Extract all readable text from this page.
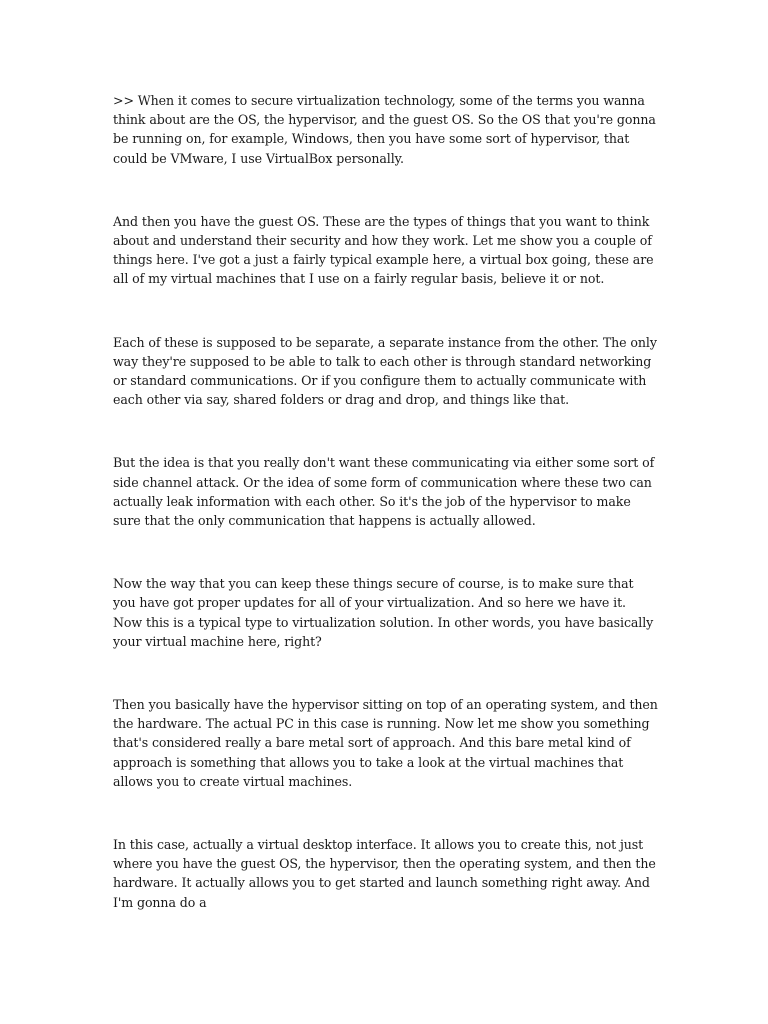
>> When it comes to secure virtualization technology, some of the terms you wanna think about are the OS, the hypervisor, and the guest OS. So the OS that you're gonna be running on, for example, Windows, then you have some sort of hypervisor, that could be VMware, I use VirtualBox personally.

And then you have the guest OS. These are the types of things that you want to think about and understand their security and how they work. Let me show you a couple of things here. I've got a just a fairly typical example here, a virtual box going, these are all of my virtual machines that I use on a fairly regular basis, believe it or not.

Each of these is supposed to be separate, a separate instance from the other. The only way they're supposed to be able to talk to each other is through standard networking or standard communications. Or if you configure them to actually communicate with each other via say, shared folders or drag and drop, and things like that.

But the idea is that you really don't want these communicating via either some sort of side channel attack. Or the idea of some form of communication where these two can actually leak information with each other. So it's the job of the hypervisor to make sure that the only communication that happens is actually allowed.

Now the way that you can keep these things secure of course, is to make sure that you have got proper updates for all of your virtualization. And so here we have it. Now this is a typical type to virtualization solution. In other words, you have basically your virtual machine here, right?

Then you basically have the hypervisor sitting on top of an operating system, and then the hardware. The actual PC in this case is running. Now let me show you something that's considered really a bare metal sort of approach. And this bare metal kind of approach is something that allows you to take a look at the virtual machines that allows you to create virtual machines.

In this case, actually a virtual desktop interface. It allows you to create this, not just where you have the guest OS, the hypervisor, then the operating system, and then the hardware. It actually allows you to get started and launch something right away. And I'm gonna do a
